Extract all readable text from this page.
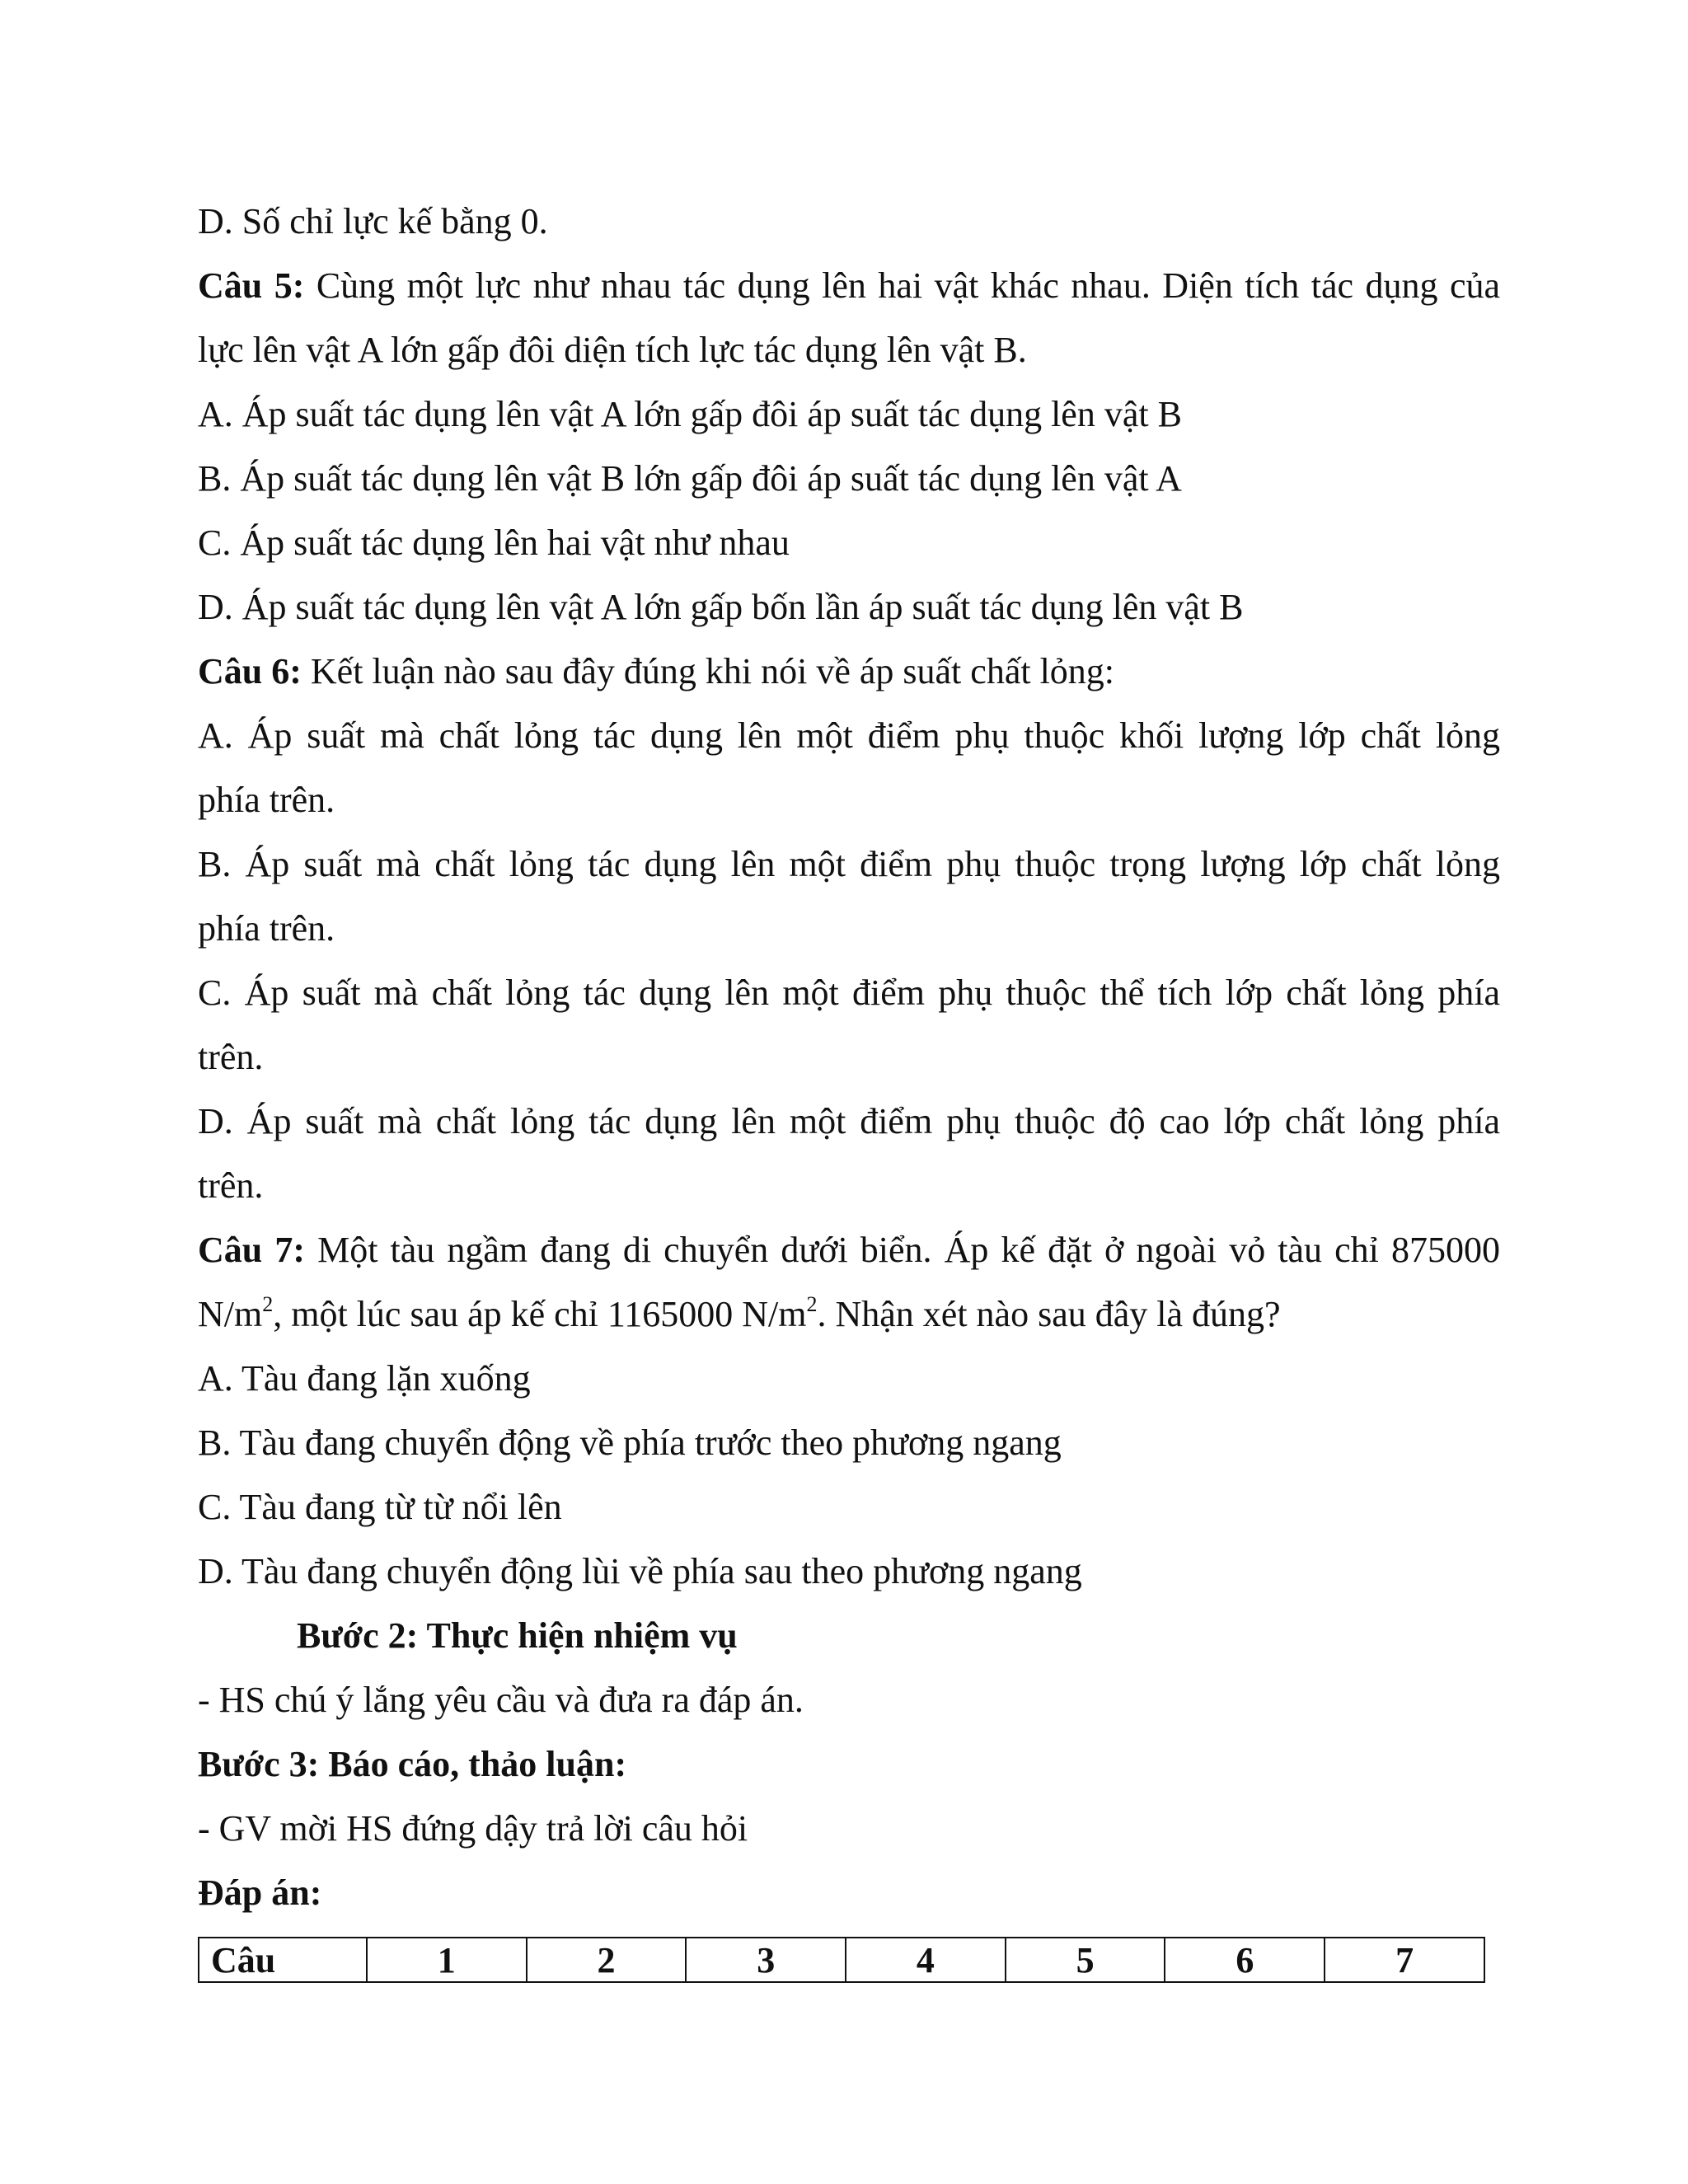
D. Số chỉ lực kế bằng 0.
Câu 5: Cùng một lực như nhau tác dụng lên hai vật khác nhau. Diện tích tác dụng của
lực lên vật A lớn gấp đôi diện tích lực tác dụng lên vật B.
A. Áp suất tác dụng lên vật A lớn gấp đôi áp suất tác dụng lên vật B
B. Áp suất tác dụng lên vật B lớn gấp đôi áp suất tác dụng lên vật A
C. Áp suất tác dụng lên hai vật như nhau
D. Áp suất tác dụng lên vật A lớn gấp bốn lần áp suất tác dụng lên vật B
Câu 6: Kết luận nào sau đây đúng khi nói về áp suất chất lỏng:
A. Áp suất mà chất lỏng tác dụng lên một điểm phụ thuộc khối lượng lớp chất lỏng
phía trên.
B. Áp suất mà chất lỏng tác dụng lên một điểm phụ thuộc trọng lượng lớp chất lỏng
phía trên.
C. Áp suất mà chất lỏng tác dụng lên một điểm phụ thuộc thể tích lớp chất lỏng phía
trên.
D. Áp suất mà chất lỏng tác dụng lên một điểm phụ thuộc độ cao lớp chất lỏng phía
trên.
Câu 7: Một tàu ngầm đang di chuyển dưới biển. Áp kế đặt ở ngoài vỏ tàu chỉ 875000
$N/m^2$, một lúc sau áp kế chỉ 1165000 $N/m^2$. Nhận xét nào sau đây là đúng?
A. Tàu đang lặn xuống
B. Tàu đang chuyển động về phía trước theo phương ngang
C. Tàu đang từ từ nổi lên
D. Tàu đang chuyển động lùi về phía sau theo phương ngang
Bước 2: Thực hiện nhiệm vụ
- HS chú ý lắng yêu cầu và đưa ra đáp án.
Bước 3: Báo cáo, thảo luận:
- GV mời HS đứng dậy trả lời câu hỏi
Đáp án:
Câu	1	2	3	4	5	6	7
